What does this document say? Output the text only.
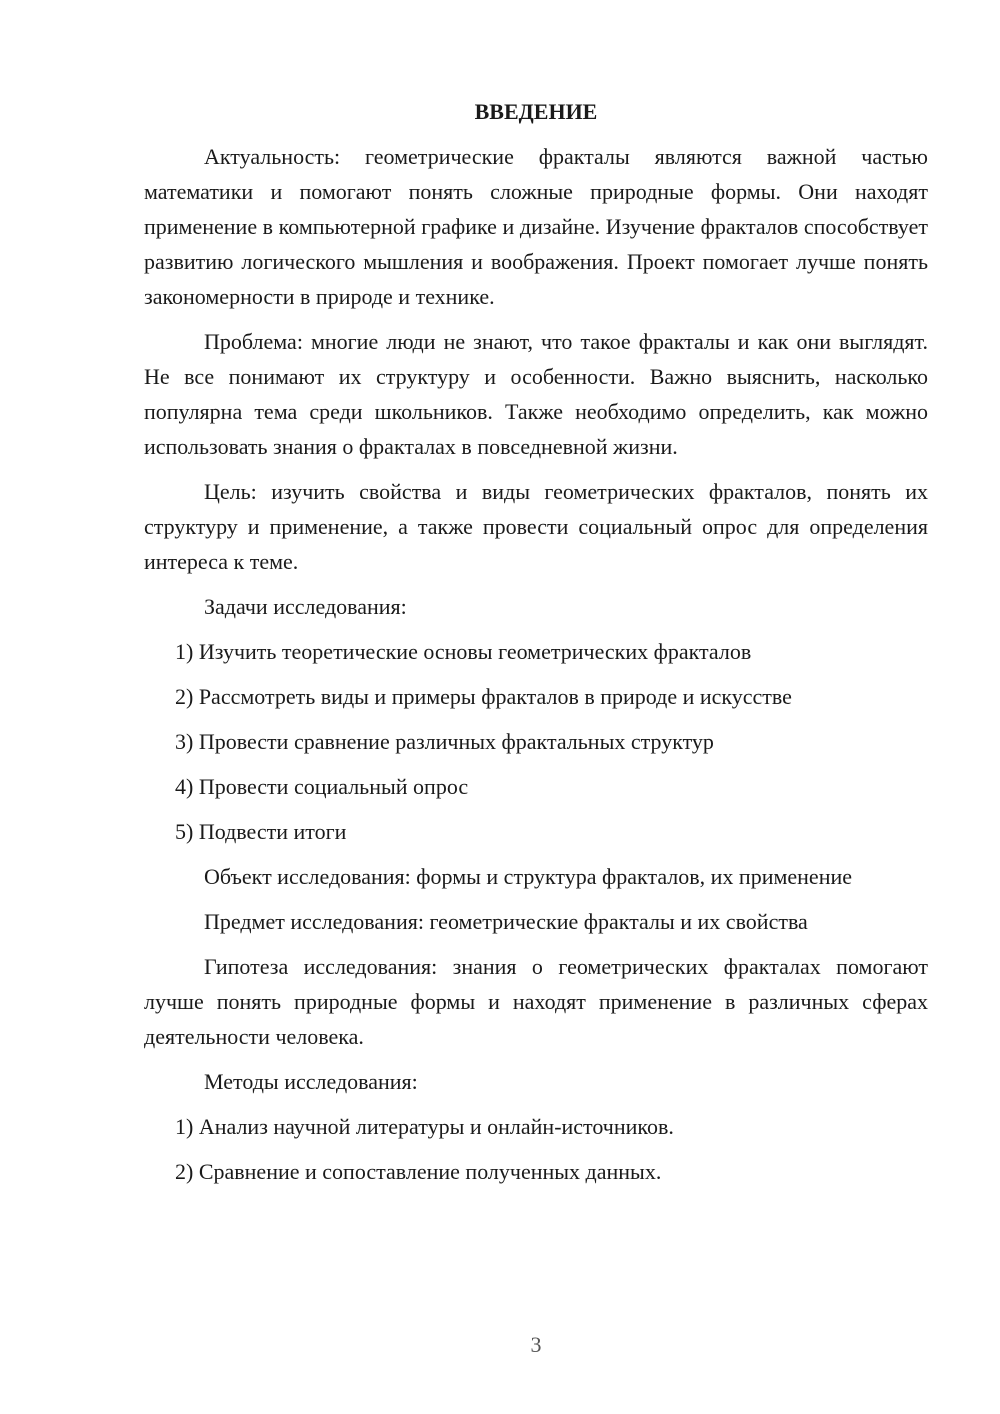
ВВЕДЕНИЕ
Актуальность: геометрические фракталы являются важной частью математики и помогают понять сложные природные формы. Они находят применение в компьютерной графике и дизайне. Изучение фракталов способствует развитию логического мышления и воображения. Проект помогает лучше понять закономерности в природе и технике.
Проблема: многие люди не знают, что такое фракталы и как они выглядят. Не все понимают их структуру и особенности. Важно выяснить, насколько популярна тема среди школьников. Также необходимо определить, как можно использовать знания о фракталах в повседневной жизни.
Цель: изучить свойства и виды геометрических фракталов, понять их структуру и применение, а также провести социальный опрос для определения интереса к теме.
Задачи исследования:
1) Изучить теоретические основы геометрических фракталов
2) Рассмотреть виды и примеры фракталов в природе и искусстве
3) Провести сравнение различных фрактальных структур
4) Провести социальный опрос
5) Подвести итоги
Объект исследования: формы и структура фракталов, их применение
Предмет исследования: геометрические фракталы и их свойства
Гипотеза исследования: знания о геометрических фракталах помогают лучше понять природные формы и находят применение в различных сферах деятельности человека.
Методы исследования:
1) Анализ научной литературы и онлайн-источников.
2) Сравнение и сопоставление полученных данных.
3
